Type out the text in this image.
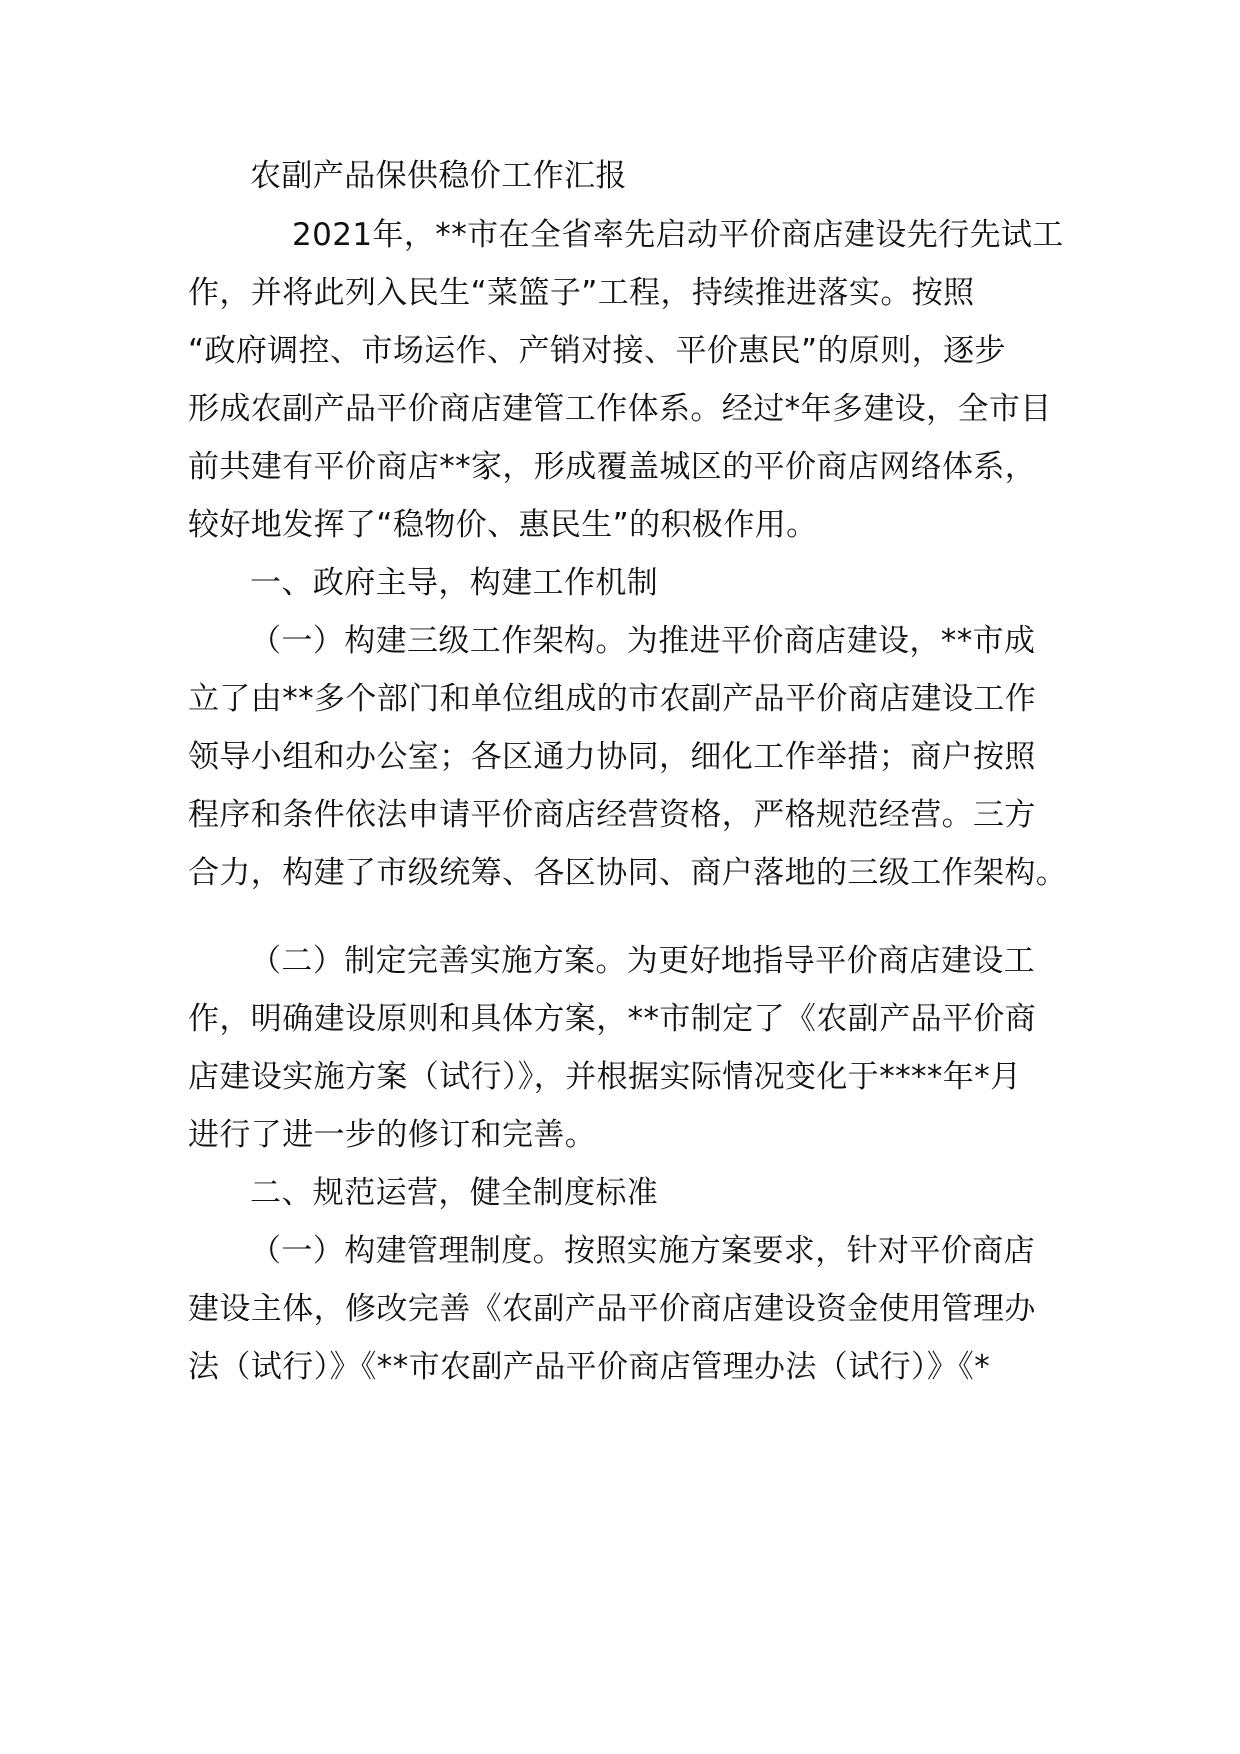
农副产品保供稳价工作汇报
2021年，**市在全省率先启动平价商店建设先行先试工
作，并将此列入民生“菜篮子”工程，持续推进落实。按照
“政府调控、市场运作、产销对接、平价惠民”的原则，逐步
形成农副产品平价商店建管工作体系。经过*年多建设，全市目
前共建有平价商店**家，形成覆盖城区的平价商店网络体系，
较好地发挥了“稳物价、惠民生”的积极作用。
一、政府主导，构建工作机制
（一）构建三级工作架构。为推进平价商店建设，**市成
立了由**多个部门和单位组成的市农副产品平价商店建设工作
领导小组和办公室；各区通力协同，细化工作举措；商户按照
程序和条件依法申请平价商店经营资格，严格规范经营。三方
合力，构建了市级统筹、各区协同、商户落地的三级工作架构。
（二）制定完善实施方案。为更好地指导平价商店建设工
作，明确建设原则和具体方案，**市制定了《农副产品平价商
店建设实施方案（试行）》，并根据实际情况变化于****年*月
进行了进一步的修订和完善。
二、规范运营，健全制度标准
（一）构建管理制度。按照实施方案要求，针对平价商店
建设主体，修改完善《农副产品平价商店建设资金使用管理办
法（试行）》《**市农副产品平价商店管理办法（试行）》《*
